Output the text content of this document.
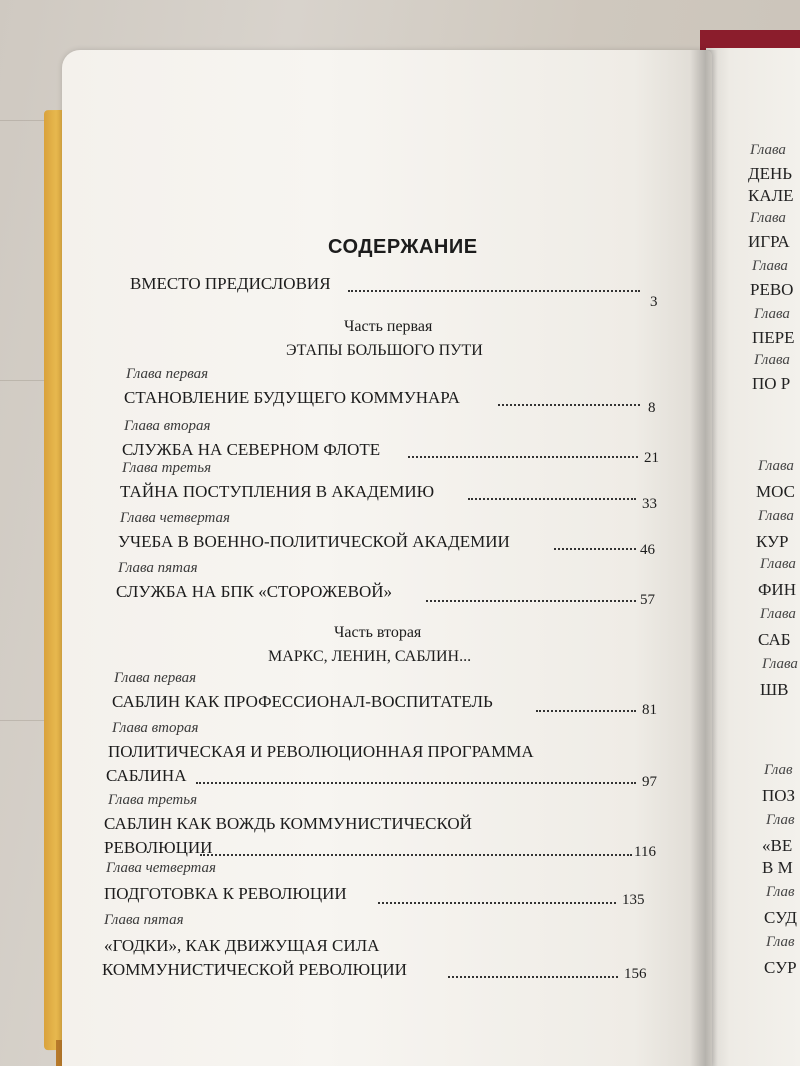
СОДЕРЖАНИЕ
ВМЕСТО ПРЕДИСЛОВИЯ
3
Часть первая
ЭТАПЫ БОЛЬШОГО ПУТИ
Глава первая
СТАНОВЛЕНИЕ БУДУЩЕГО КОММУНАРА
8
Глава вторая
СЛУЖБА НА СЕВЕРНОМ ФЛОТЕ	21
Глава третья
ТАЙНА ПОСТУПЛЕНИЯ В АКАДЕМИЮ
33
Глава четвертая
УЧЕБА В ВОЕННО-ПОЛИТИЧЕСКОЙ АКАДЕМИИ	46
Глава пятая
СЛУЖБА НА БПК «СТОРОЖЕВОЙ»	57
Часть вторая
МАРКС, ЛЕНИН, САБЛИН...
Глава первая
САБЛИН КАК ПРОФЕССИОНАЛ-ВОСПИТАТЕЛЬ	81
Глава вторая
ПОЛИТИЧЕСКАЯ И РЕВОЛЮЦИОННАЯ ПРОГРАММА
САБЛИНА	97
Глава третья
САБЛИН КАК ВОЖДЬ КОММУНИСТИЧЕСКОЙ
РЕВОЛЮЦИИ	116
Глава четвертая
ПОДГОТОВКА К РЕВОЛЮЦИИ	135
Глава пятая
«ГОДКИ», КАК ДВИЖУЩАЯ СИЛА
КОММУНИСТИЧЕСКОЙ РЕВОЛЮЦИИ	156
Глава
ДЕНЬ
КАЛЕ
Глава
ИГРА
Глава
РЕВО
Глава
ПЕРЕ
Глава
ПО Р
Глава
МОС
Глава
КУР
Глава
ФИН
Глава
САБ
Глава
ШВ
Глав
ПОЗ
Глав
«ВЕ
В М
Глав
СУД
Глав
СУР
